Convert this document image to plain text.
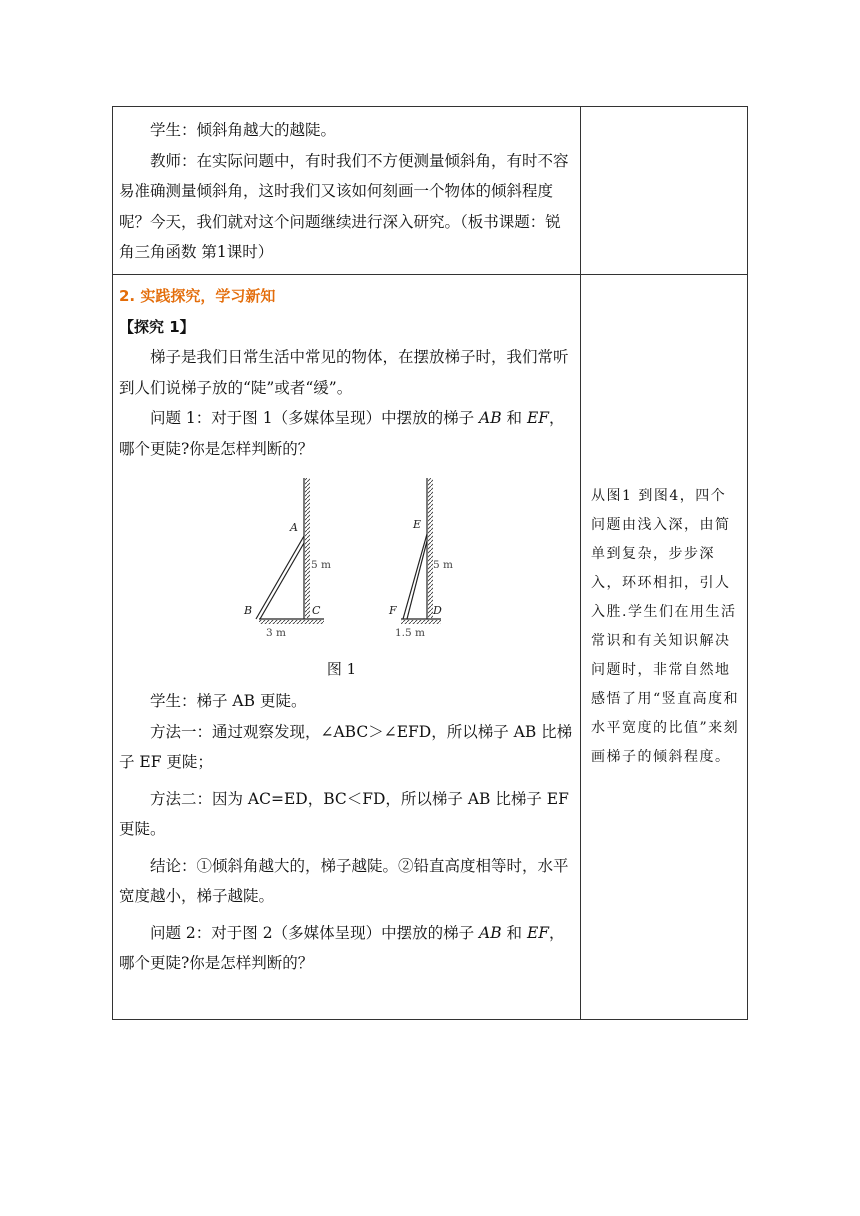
学生：倾斜角越大的越陡。

教师：在实际问题中，有时我们不方便测量倾斜角，有时不容易准确测量倾斜角，这时我们又该如何刻画一个物体的倾斜程度呢？今天，我们就对这个问题继续进行深入研究。（板书课题：锐角三角函数 第1课时）

2. 实践探究，学习新知

【探究 1】

梯子是我们日常生活中常见的物体，在摆放梯子时，我们常听到人们说梯子放的“陡”或者“缓”。

问题 1：对于图 1（多媒体呈现）中摆放的梯子 AB 和 EF，哪个更陡?你是怎样判断的？

A
B	C
5 m
3 m
E
F	D
5 m
1.5 m

图 1

学生：梯子 AB 更陡。

方法一：通过观察发现，∠ABC＞∠EFD，所以梯子 AB 比梯子 EF 更陡；

方法二：因为 AC=ED，BC＜FD，所以梯子 AB 比梯子 EF 更陡。

结论：①倾斜角越大的，梯子越陡。②铅直高度相等时，水平宽度越小，梯子越陡。

问题 2：对于图 2（多媒体呈现）中摆放的梯子 AB 和 EF，哪个更陡?你是怎样判断的？

从图1 到图4，四个问题由浅入深，由简单到复杂，步步深入，环环相扣，引人入胜.学生们在用生活常识和有关知识解决问题时，非常自然地感悟了用“竖直高度和水平宽度的比值”来刻画梯子的倾斜程度。
